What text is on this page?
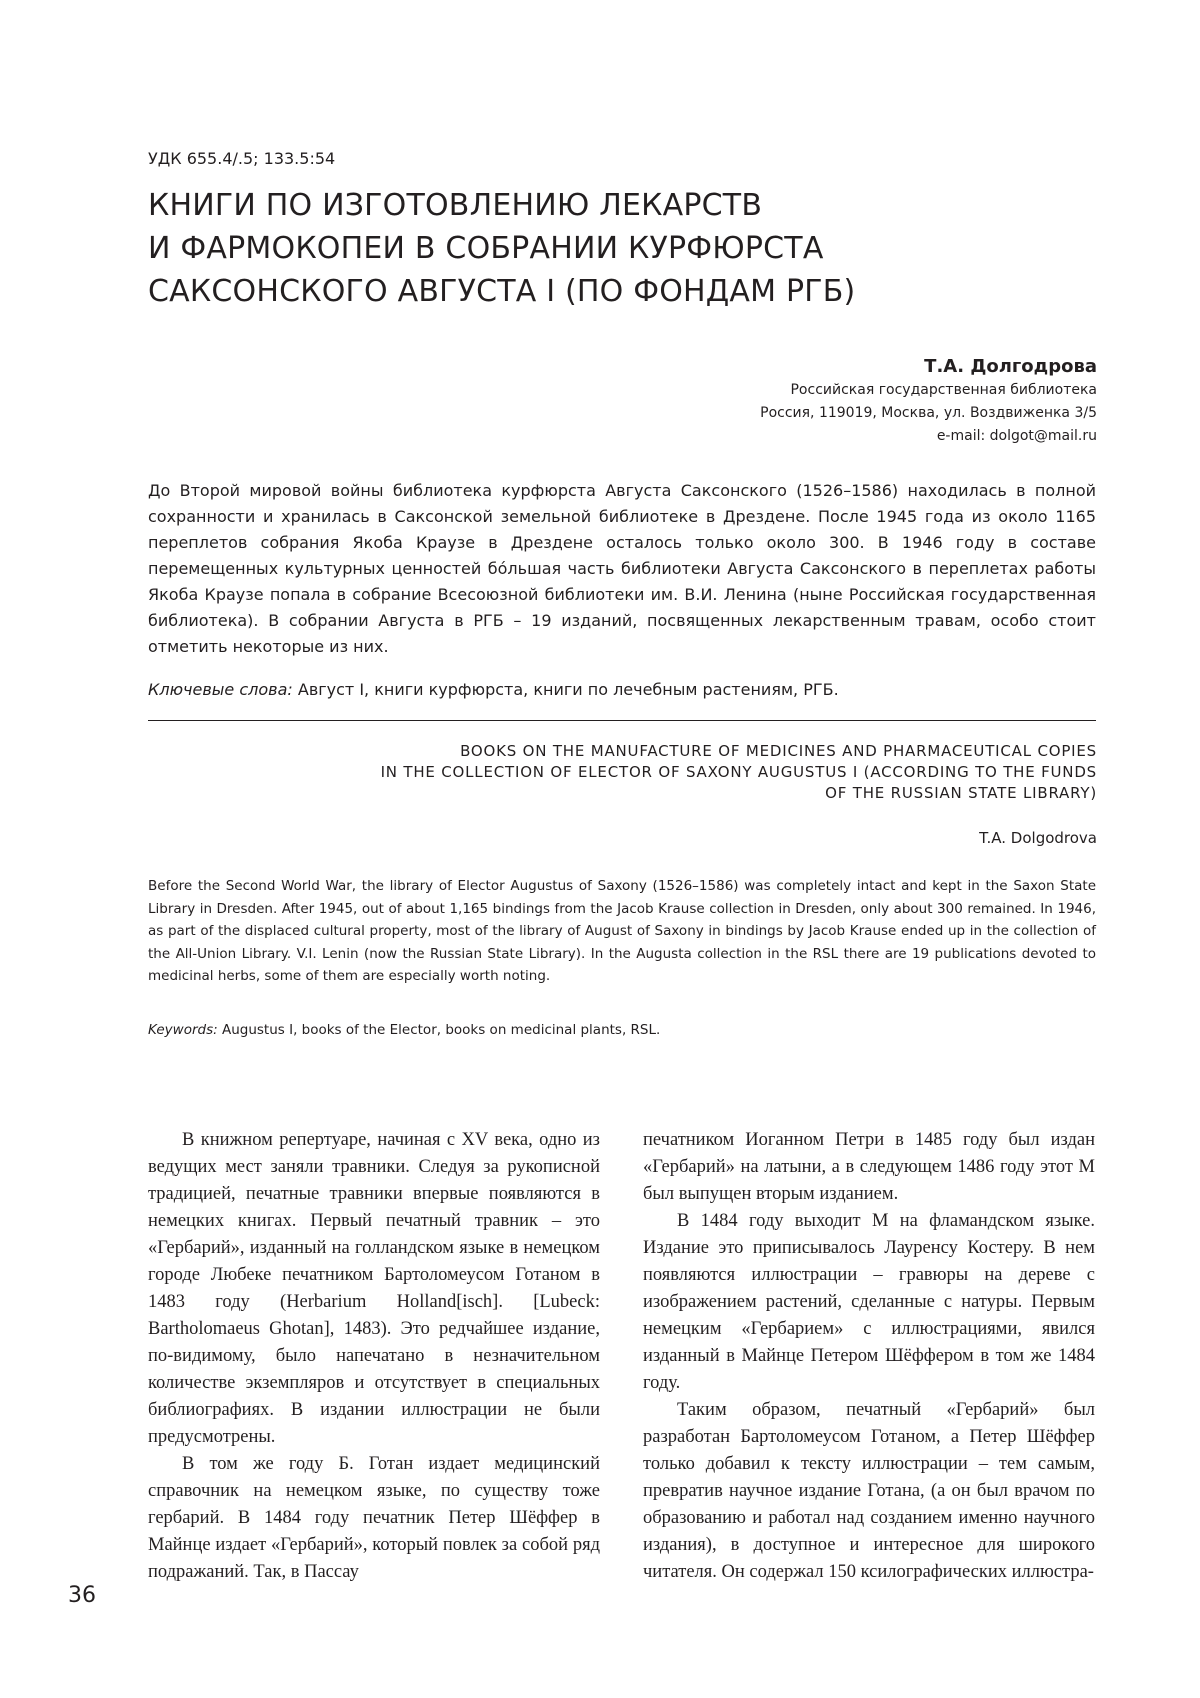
УДК 655.4/.5; 133.5:54
КНИГИ ПО ИЗГОТОВЛЕНИЮ ЛЕКАРСТВ
И ФАРМОКОПЕИ В СОБРАНИИ КУРФЮРСТА
САКСОНСКОГО АВГУСТА I (ПО ФОНДАМ РГБ)
Т.А. Долгодрова
Российская государственная библиотека
Россия, 119019, Москва, ул. Воздвиженка 3/5
e-mail: dolgot@mail.ru

До Второй мировой войны библиотека курфюрста Августа Саксонского (1526–1586) находилась в полной сохранности и хранилась в Саксонской земельной библиотеке в Дрездене. После 1945 года из около 1165 переплетов собрания Якоба Краузе в Дрездене осталось только около 300. В 1946 году в составе перемещенных культурных ценностей бóльшая часть библиотеки Августа Саксонского в переплетах работы Якоба Краузе попала в собрание Всесоюзной библиотеки им. В.И. Ленина (ныне Российская государственная библиотека). В собрании Августа в РГБ – 19 изданий, посвященных лекарственным травам, особо стоит отметить некоторые из них.

Ключевые слова: Август I, книги курфюрста, книги по лечебным растениям, РГБ.
BOOKS ON THE MANUFACTURE OF MEDICINES AND PHARMACEUTICAL COPIES
IN THE COLLECTION OF ELECTOR OF SAXONY AUGUSTUS I (ACCORDING TO THE FUNDS
OF THE RUSSIAN STATE LIBRARY)
T.A. Dolgodrova

Before the Second World War, the library of Elector Augustus of Saxony (1526–1586) was completely intact and kept in the Saxon State Library in Dresden. After 1945, out of about 1,165 bindings from the Jacob Krause collection in Dresden, only about 300 remained. In 1946, as part of the displaced cultural property, most of the library of August of Saxony in bindings by Jacob Krause ended up in the collection of the All-Union Library. V.I. Lenin (now the Russian State Library). In the Augusta collection in the RSL there are 19 publications devoted to medicinal herbs, some of them are especially worth noting.

Keywords: Augustus I, books of the Elector, books on medicinal plants, RSL.

В книжном репертуаре, начиная с XV века, одно из ведущих мест заняли травники. Следуя за рукописной традицией, печатные травники впервые появляются в немецких книгах. Первый печатный травник – это «Гербарий», изданный на голландском языке в немецком городе Любеке печатником Бартоломеусом Готаном в 1483 году (Herbarium Holland[isch]. [Lubeck: Bartholomaeus Ghotan], 1483). Это редчайшее издание, по-видимому, было напечатано в незначительном количестве экземпляров и отсутствует в специальных библиографиях. В издании иллюстрации не были предусмотрены.

В том же году Б. Готан издает медицинский справочник на немецком языке, по существу тоже гербарий. В 1484 году печатник Петер Шёффер в Майнце издает «Гербарий», который повлек за собой ряд подражаний. Так, в Пассау

печатником Иоганном Петри в 1485 году был издан «Гербарий» на латыни, а в следующем 1486 году этот М был выпущен вторым изданием.

В 1484 году выходит М на фламандском языке. Издание это приписывалось Лауренсу Костеру. В нем появляются иллюстрации – гравюры на дереве с изображением растений, сделанные с натуры. Первым немецким «Гербарием» с иллюстрациями, явился изданный в Майнце Петером Шёффером в том же 1484 году.

Таким образом, печатный «Гербарий» был разработан Бартоломеусом Готаном, а Петер Шёффер только добавил к тексту иллюстрации – тем самым, превратив научное издание Готана, (а он был врачом по образованию и работал над созданием именно научного издания), в доступное и интересное для широкого читателя. Он содержал 150 ксилографических иллюстра-

36
